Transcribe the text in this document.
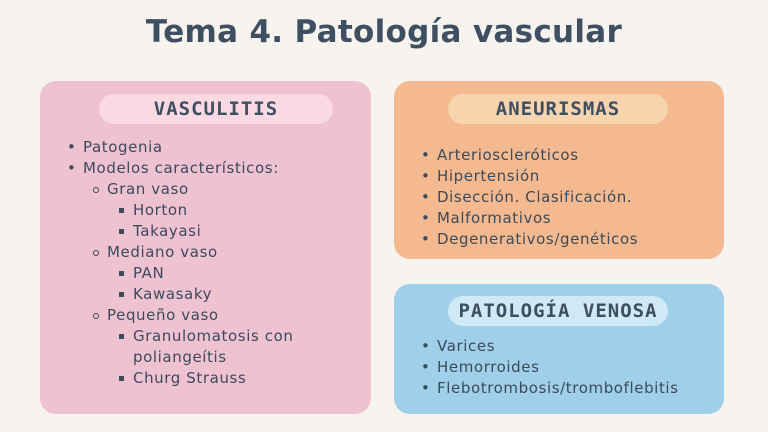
Tema 4. Patología vascular
VASCULITIS
• Patogenia
• Modelos característicos:
Gran vaso
Horton
Takayasi
Mediano vaso
PAN
Kawasaky
Pequeño vaso
Granulomatosis con poliangeítis
Churg Strauss
ANEURISMAS
• Arterioscleróticos
• Hipertensión
• Disección. Clasificación.
• Malformativos
• Degenerativos/genéticos
PATOLOGÍA VENOSA
• Varices
• Hemorroides
• Flebotrombosis/tromboflebitis
